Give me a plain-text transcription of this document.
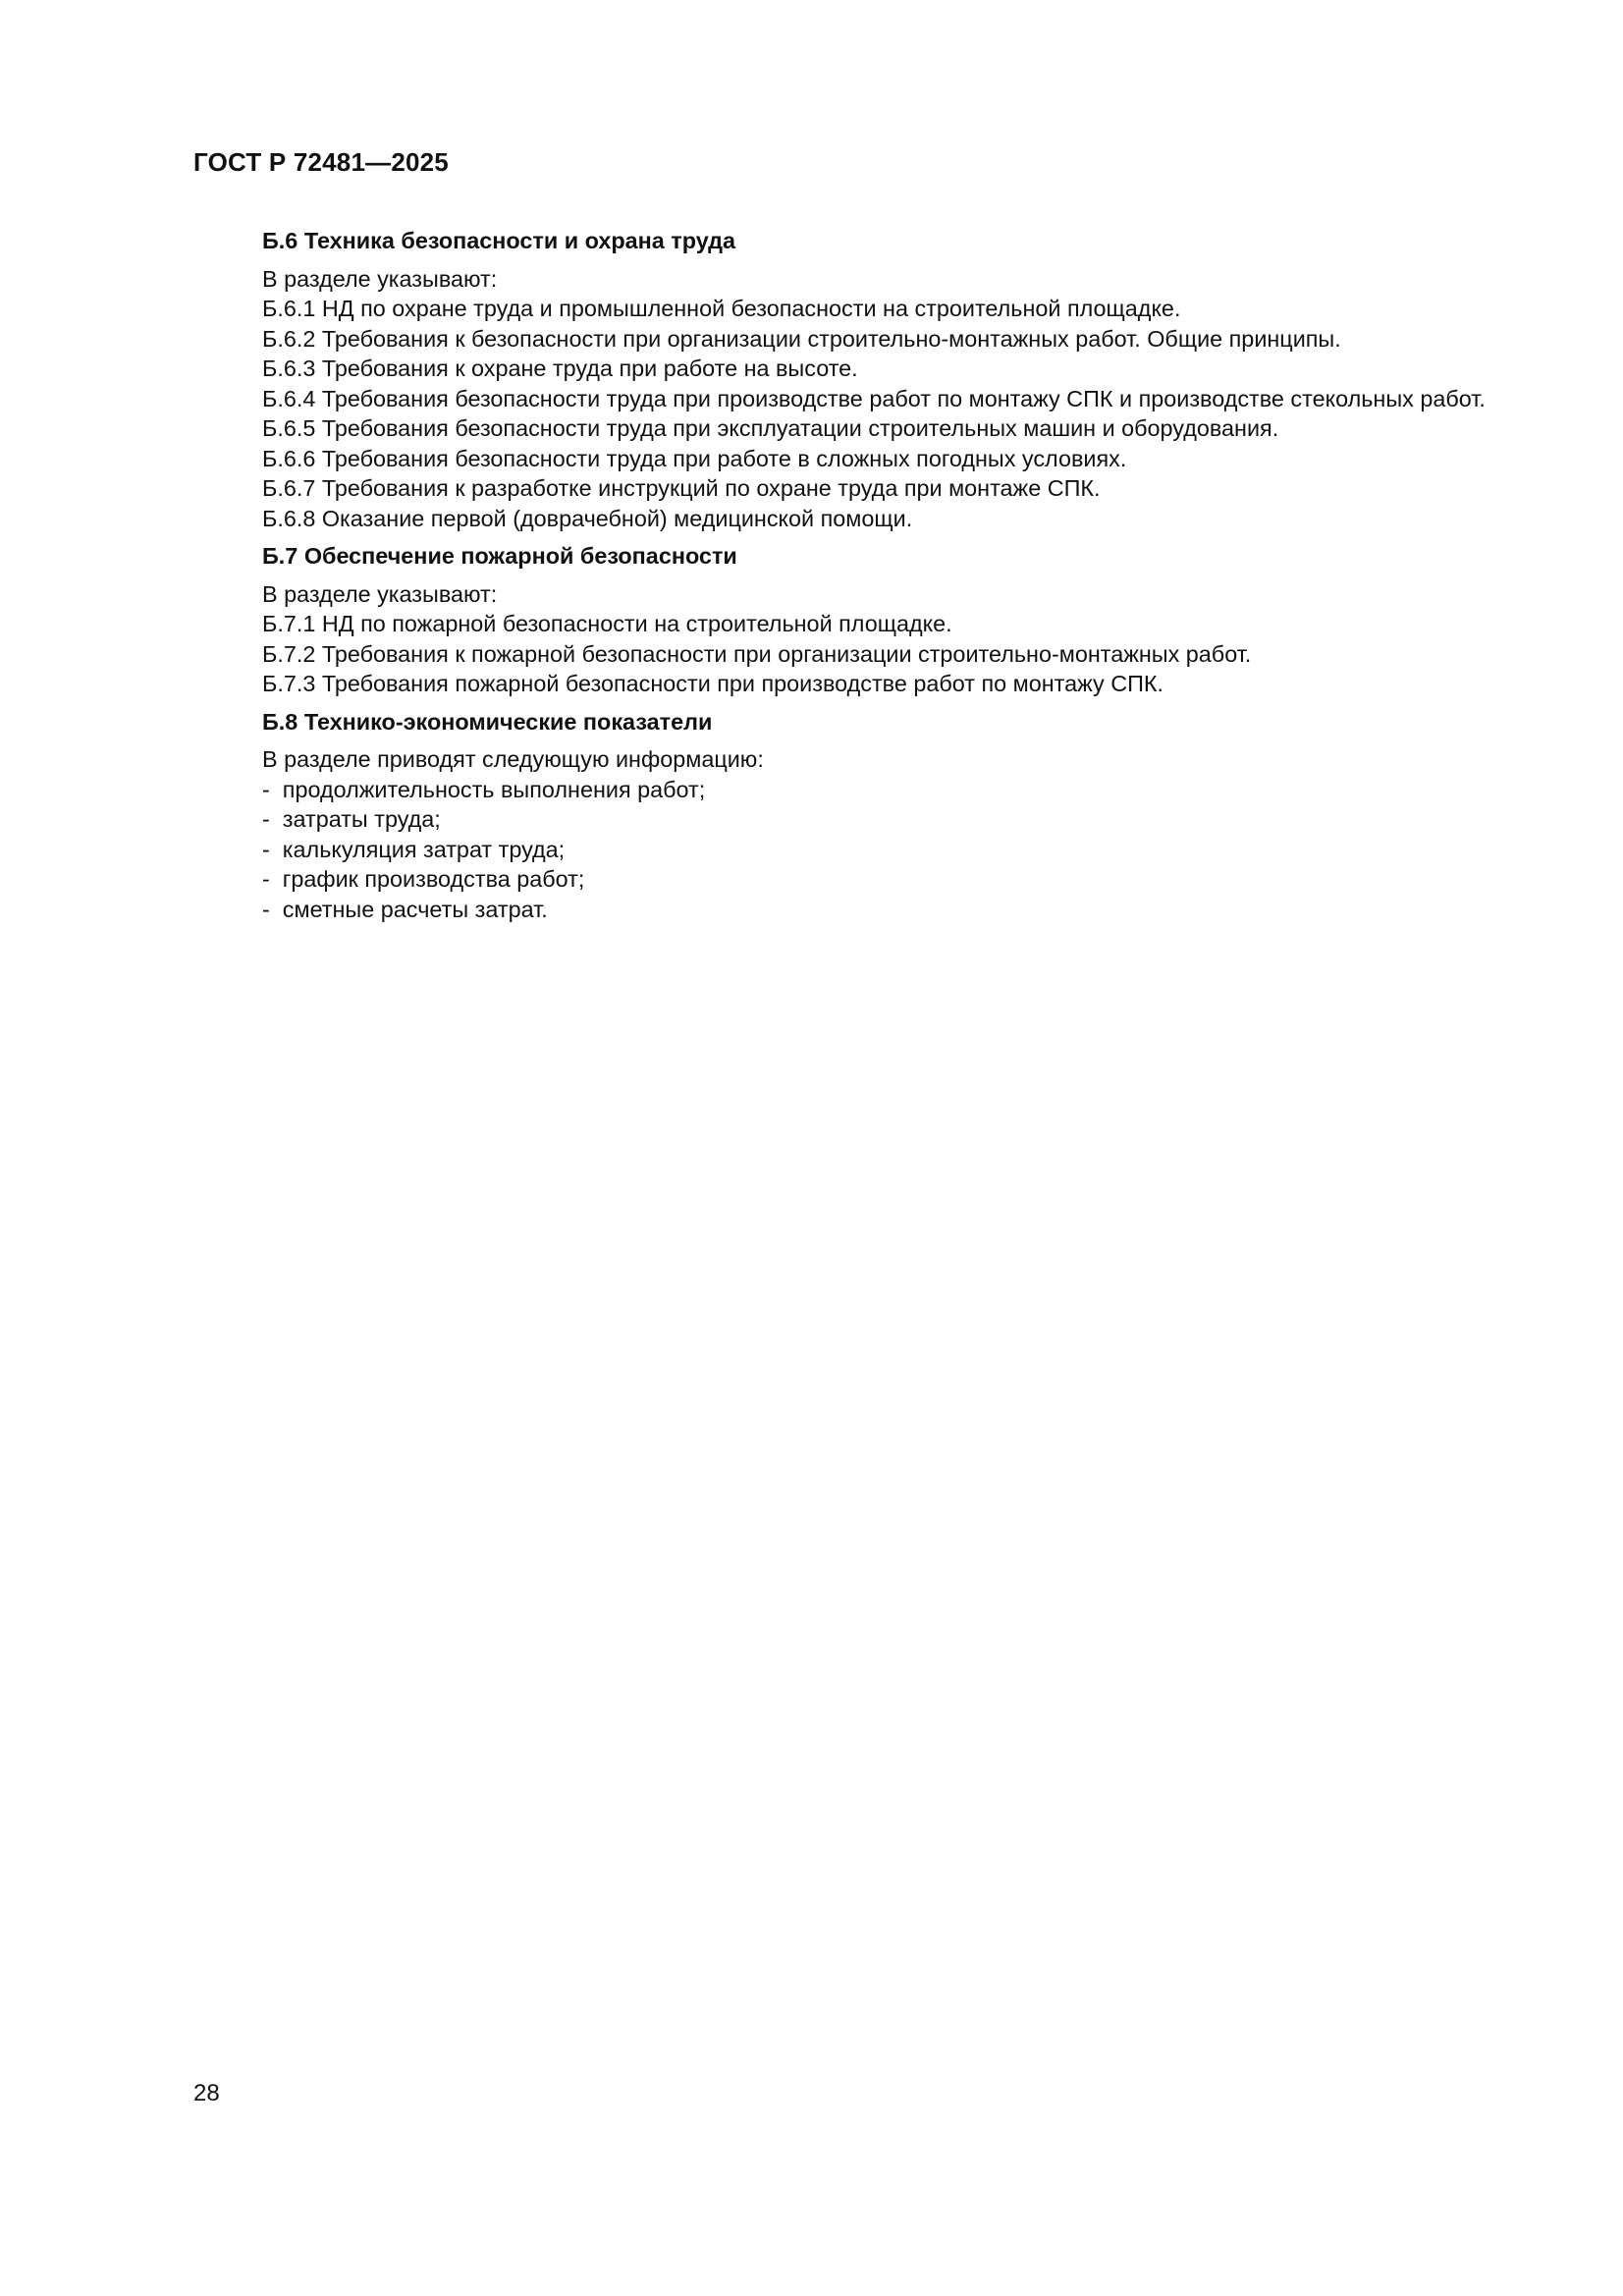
ГОСТ Р 72481—2025

Б.6 Техника безопасности и охрана труда

В разделе указывают:

Б.6.1 НД по охране труда и промышленной безопасности на строительной площадке.

Б.6.2 Требования к безопасности при организации строительно-монтажных работ. Общие принципы.

Б.6.3 Требования к охране труда при работе на высоте.

Б.6.4 Требования безопасности труда при производстве работ по монтажу СПК и производстве стекольных работ.

Б.6.5 Требования безопасности труда при эксплуатации строительных машин и оборудования.

Б.6.6 Требования безопасности труда при работе в сложных погодных условиях.

Б.6.7 Требования к разработке инструкций по охране труда при монтаже СПК.

Б.6.8 Оказание первой (доврачебной) медицинской помощи.

Б.7 Обеспечение пожарной безопасности

В разделе указывают:

Б.7.1 НД по пожарной безопасности на строительной площадке.

Б.7.2 Требования к пожарной безопасности при организации строительно-монтажных работ.

Б.7.3 Требования пожарной безопасности при производстве работ по монтажу СПК.

Б.8 Технико-экономические показатели

В разделе приводят следующую информацию:

-  продолжительность выполнения работ;

-  затраты труда;

-  калькуляция затрат труда;

-  график производства работ;

-  сметные расчеты затрат.

28
